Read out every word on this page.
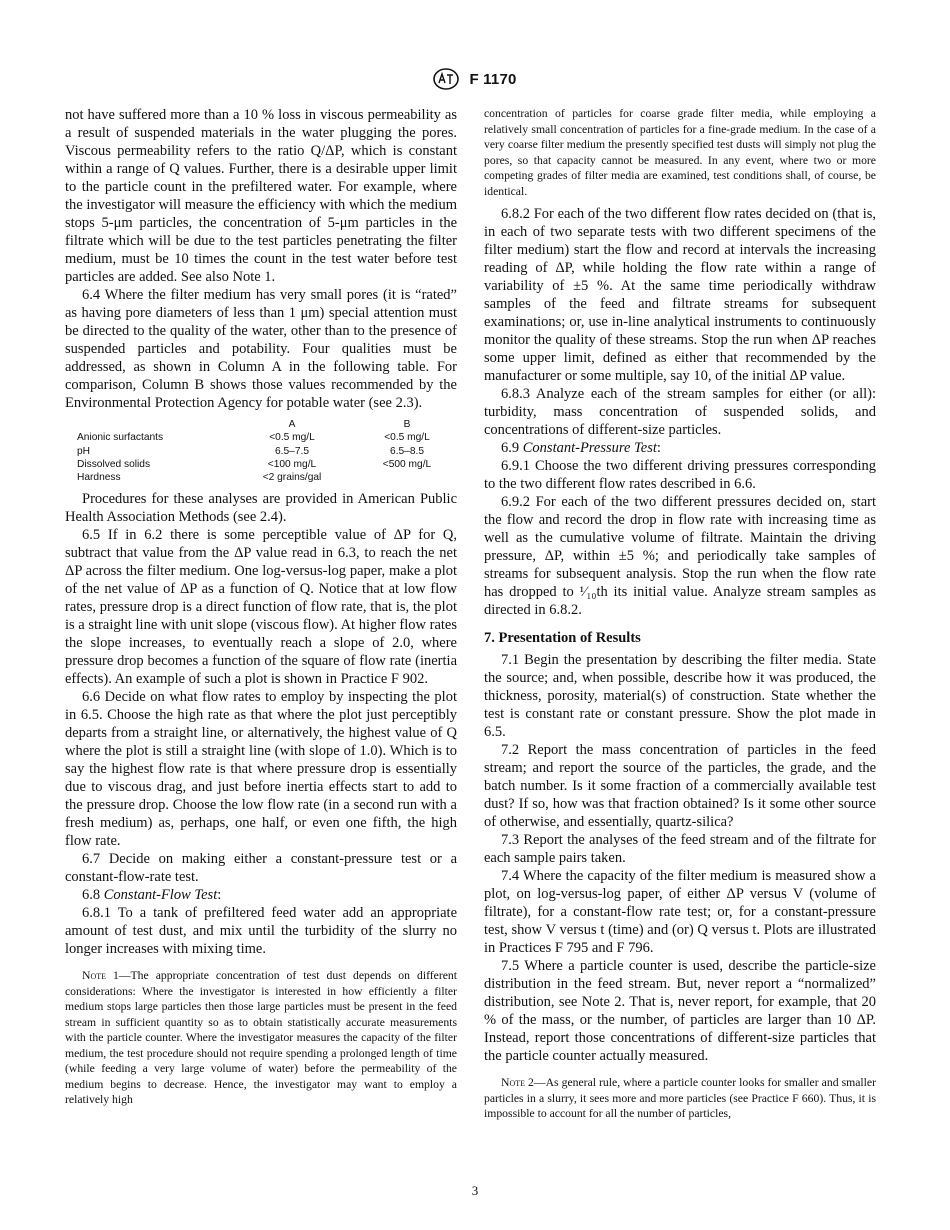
F 1170

not have suffered more than a 10 % loss in viscous permeability as a result of suspended materials in the water plugging the pores. Viscous permeability refers to the ratio Q/ΔP, which is constant within a range of Q values. Further, there is a desirable upper limit to the particle count in the prefiltered water. For example, where the investigator will measure the efficiency with which the medium stops 5-μm particles, the concentration of 5-μm particles in the filtrate which will be due to the test particles penetrating the filter medium, must be 10 times the count in the test water before test particles are added. See also Note 1.

6.4 Where the filter medium has very small pores (it is “rated” as having pore diameters of less than 1 μm) special attention must be directed to the quality of the water, other than to the presence of suspended particles and potability. Four qualities must be addressed, as shown in Column A in the following table. For comparison, Column B shows those values recommended by the Environmental Protection Agency for potable water (see 2.3).

	A	B
Anionic surfactants	<0.5 mg/L	<0.5 mg/L
pH	6.5–7.5	6.5–8.5
Dissolved solids	<100 mg/L	<500 mg/L
Hardness	<2 grains/gal	

Procedures for these analyses are provided in American Public Health Association Methods (see 2.4).

6.5 If in 6.2 there is some perceptible value of ΔP for Q, subtract that value from the ΔP value read in 6.3, to reach the net ΔP across the filter medium. One log-versus-log paper, make a plot of the net value of ΔP as a function of Q. Notice that at low flow rates, pressure drop is a direct function of flow rate, that is, the plot is a straight line with unit slope (viscous flow). At higher flow rates the slope increases, to eventually reach a slope of 2.0, where pressure drop becomes a function of the square of flow rate (inertia effects). An example of such a plot is shown in Practice F 902.

6.6 Decide on what flow rates to employ by inspecting the plot in 6.5. Choose the high rate as that where the plot just perceptibly departs from a straight line, or alternatively, the highest value of Q where the plot is still a straight line (with slope of 1.0). Which is to say the highest flow rate is that where pressure drop is essentially due to viscous drag, and just before inertia effects start to add to the pressure drop. Choose the low flow rate (in a second run with a fresh medium) as, perhaps, one half, or even one fifth, the high flow rate.

6.7 Decide on making either a constant-pressure test or a constant-flow-rate test.

6.8 Constant-Flow Test:

6.8.1 To a tank of prefiltered feed water add an appropriate amount of test dust, and mix until the turbidity of the slurry no longer increases with mixing time.

Note 1—The appropriate concentration of test dust depends on different considerations: Where the investigator is interested in how efficiently a filter medium stops large particles then those large particles must be present in the feed stream in sufficient quantity so as to obtain statistically accurate measurements with the particle counter. Where the investigator measures the capacity of the filter medium, the test procedure should not require spending a prolonged length of time (while feeding a very large volume of water) before the permeability of the medium begins to decrease. Hence, the investigator may want to employ a relatively high

concentration of particles for coarse grade filter media, while employing a relatively small concentration of particles for a fine-grade medium. In the case of a very coarse filter medium the presently specified test dusts will simply not plug the pores, so that capacity cannot be measured. In any event, where two or more competing grades of filter media are examined, test conditions shall, of course, be identical.

6.8.2 For each of the two different flow rates decided on (that is, in each of two separate tests with two different specimens of the filter medium) start the flow and record at intervals the increasing reading of ΔP, while holding the flow rate within a range of variability of ±5 %. At the same time periodically withdraw samples of the feed and filtrate streams for subsequent examinations; or, use in-line analytical instruments to continuously monitor the quality of these streams. Stop the run when ΔP reaches some upper limit, defined as either that recommended by the manufacturer or some multiple, say 10, of the initial ΔP value.

6.8.3 Analyze each of the stream samples for either (or all): turbidity, mass concentration of suspended solids, and concentrations of different-size particles.

6.9 Constant-Pressure Test:

6.9.1 Choose the two different driving pressures corresponding to the two different flow rates described in 6.6.

6.9.2 For each of the two different pressures decided on, start the flow and record the drop in flow rate with increasing time as well as the cumulative volume of filtrate. Maintain the driving pressure, ΔP, within ±5 %; and periodically take samples of streams for subsequent analysis. Stop the run when the flow rate has dropped to ¹⁄₁₀th its initial value. Analyze stream samples as directed in 6.8.2.

7. Presentation of Results

7.1 Begin the presentation by describing the filter media. State the source; and, when possible, describe how it was produced, the thickness, porosity, material(s) of construction. State whether the test is constant rate or constant pressure. Show the plot made in 6.5.

7.2 Report the mass concentration of particles in the feed stream; and report the source of the particles, the grade, and the batch number. Is it some fraction of a commercially available test dust? If so, how was that fraction obtained? Is it some other source of otherwise, and essentially, quartz-silica?

7.3 Report the analyses of the feed stream and of the filtrate for each sample pairs taken.

7.4 Where the capacity of the filter medium is measured show a plot, on log-versus-log paper, of either ΔP versus V (volume of filtrate), for a constant-flow rate test; or, for a constant-pressure test, show V versus t (time) and (or) Q versus t. Plots are illustrated in Practices F 795 and F 796.

7.5 Where a particle counter is used, describe the particle-size distribution in the feed stream. But, never report a “normalized” distribution, see Note 2. That is, never report, for example, that 20 % of the mass, or the number, of particles are larger than 10 ΔP. Instead, report those concentrations of different-size particles that the particle counter actually measured.

Note 2—As general rule, where a particle counter looks for smaller and smaller particles in a slurry, it sees more and more particles (see Practice F 660). Thus, it is impossible to account for all the number of particles,

3
